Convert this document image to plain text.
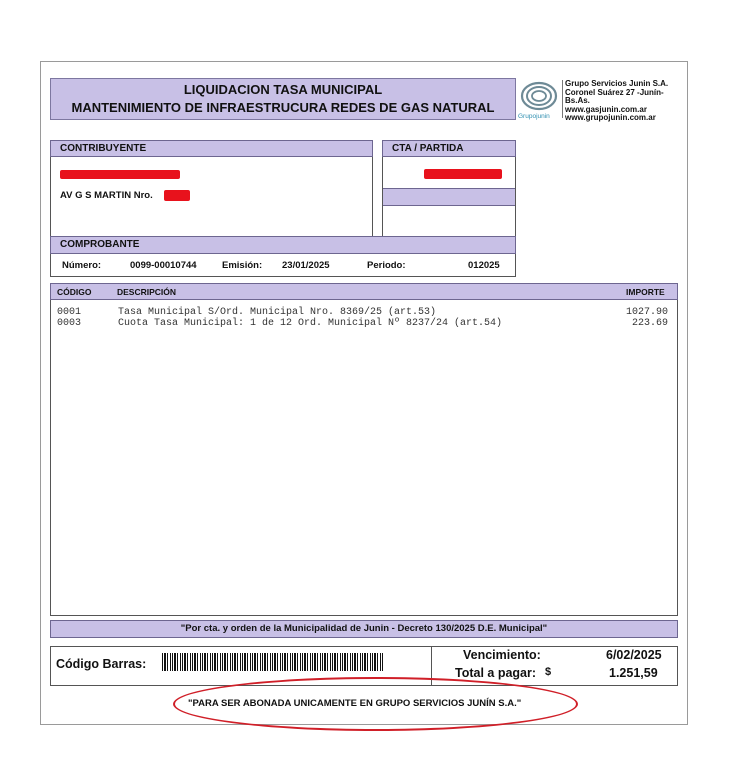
LIQUIDACION TASA MUNICIPAL
MANTENIMIENTO DE INFRAESTRUCURA REDES DE GAS NATURAL
Grupojunin
Grupo Servicios Junin S.A.
Coronel Suárez 27 -Junín- Bs.As.
www.gasjunin.com.ar
www.grupojunin.com.ar
CONTRIBUYENTE
AV G S MARTIN Nro.
CTA / PARTIDA
COMPROBANTE
Número:	0099-00010744	Emisión: 23/01/2025	Periodo:	012025
CÓDIGO	DESCRIPCIÓN	IMPORTE
0001	Tasa Municipal S/Ord. Municipal Nro. 8369/25 (art.53)	1027.90
0003	Cuota Tasa Municipal: 1 de 12 Ord. Municipal Nº 8237/24 (art.54)	223.69
"Por cta. y orden de la Municipalidad de Junin - Decreto 130/2025 D.E. Municipal"
Código Barras:
Vencimiento:	6/02/2025
Total a pagar: $	1.251,59
"PARA SER ABONADA UNICAMENTE EN GRUPO SERVICIOS JUNÍN S.A."
